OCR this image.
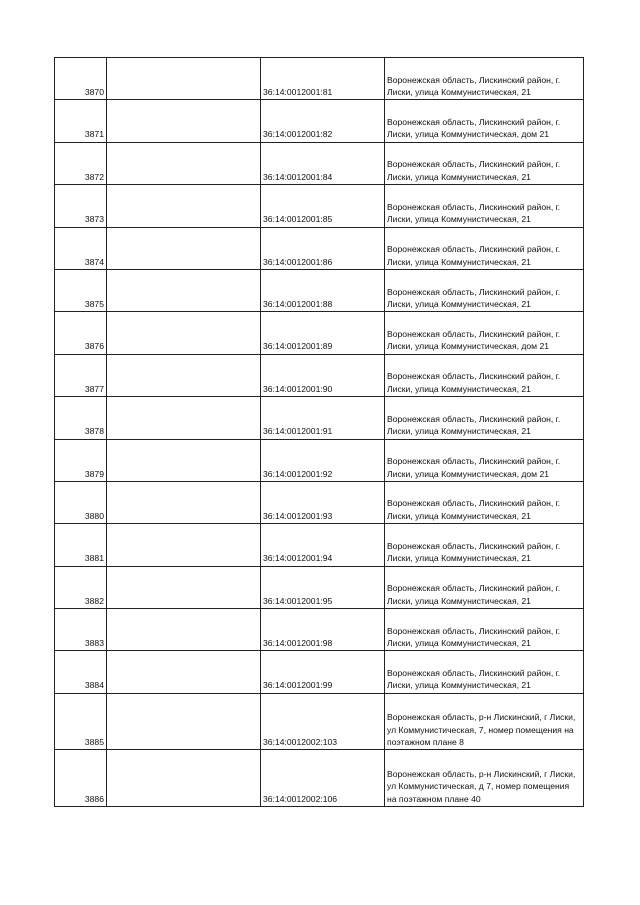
3870		36:14:0012001:81	Воронежская область, Лискинский район, г. Лиски, улица Коммунистическая, 21
3871		36:14:0012001:82	Воронежская область, Лискинский район, г. Лиски, улица Коммунистическая, дом 21
3872		36:14:0012001:84	Воронежская область, Лискинский район, г. Лиски, улица Коммунистическая, 21
3873		36:14:0012001:85	Воронежская область, Лискинский район, г. Лиски, улица Коммунистическая, 21
3874		36:14:0012001:86	Воронежская область, Лискинский район, г. Лиски, улица Коммунистическая, 21
3875		36:14:0012001:88	Воронежская область, Лискинский район, г. Лиски, улица Коммунистическая, 21
3876		36:14:0012001:89	Воронежская область, Лискинский район, г. Лиски, улица Коммунистическая, дом 21
3877		36:14:0012001:90	Воронежская область, Лискинский район, г. Лиски, улица Коммунистическая, 21
3878		36:14:0012001:91	Воронежская область, Лискинский район, г. Лиски, улица Коммунистическая, 21
3879		36:14:0012001:92	Воронежская область, Лискинский район, г. Лиски, улица Коммунистическая, дом 21
3880		36:14:0012001:93	Воронежская область, Лискинский район, г. Лиски, улица Коммунистическая, 21
3881		36:14:0012001:94	Воронежская область, Лискинский район, г. Лиски, улица Коммунистическая, 21
3882		36:14:0012001:95	Воронежская область, Лискинский район, г. Лиски, улица Коммунистическая, 21
3883		36:14:0012001:98	Воронежская область, Лискинский район, г. Лиски, улица Коммунистическая, 21
3884		36:14:0012001:99	Воронежская область, Лискинский район, г. Лиски, улица Коммунистическая, 21
3885		36:14:0012002:103	Воронежская область, р-н Лискинский, г Лиски, ул Коммунистическая, 7, номер помещения на поэтажном плане 8
3886		36:14:0012002:106	Воронежская область, р-н Лискинский, г Лиски, ул Коммунистическая, д 7, номер помещения на поэтажном плане 40
